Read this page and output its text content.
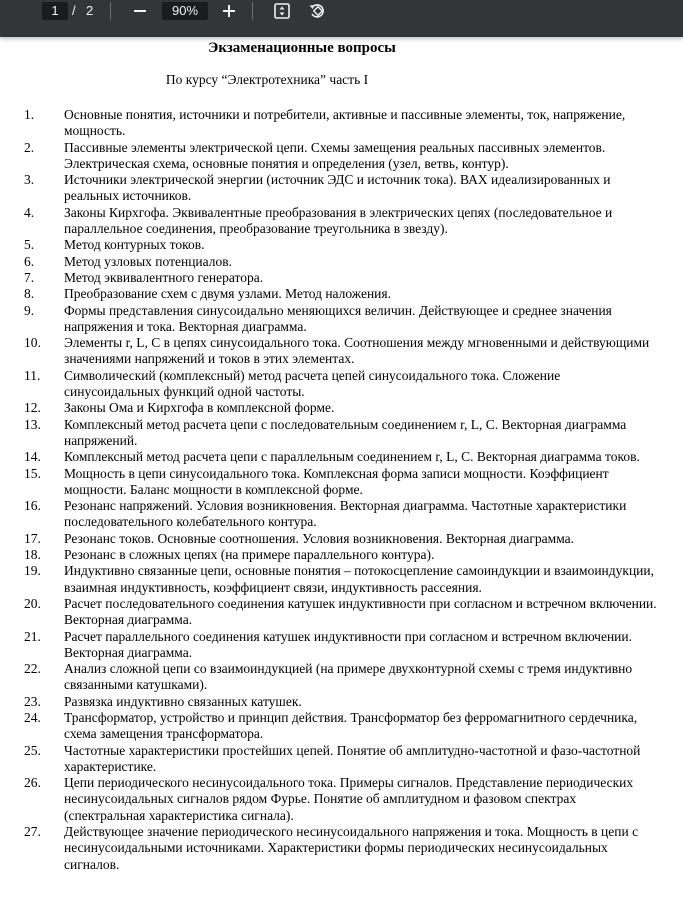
1	/ 2	90%
Экзаменационные вопросы
По курсу “Электротехника” часть I
1.	Основные понятия, источники и потребители, активные и пассивные элементы, ток, напряжение, мощность.
2.	Пассивные элементы электрической цепи. Схемы замещения реальных пассивных элементов. Электрическая схема, основные понятия и определения (узел, ветвь, контур).
3.	Источники электрической энергии (источник ЭДС и источник тока). ВАХ идеализированных и реальных источников.
4.	Законы Кирхгофа. Эквивалентные преобразования в электрических цепях (последовательное и параллельное соединения, преобразование треугольника в звезду).
5.	Метод контурных токов.
6.	Метод узловых потенциалов.
7.	Метод эквивалентного генератора.
8.	Преобразование схем с двумя узлами. Метод наложения.
9.	Формы представления синусоидально меняющихся величин. Действующее и среднее значения напряжения и тока. Векторная диаграмма.
10.	Элементы r, L, C в цепях синусоидального тока. Соотношения между мгновенными и действующими значениями напряжений и токов в этих элементах.
11.	Символический (комплексный) метод расчета цепей синусоидального тока. Сложение синусоидальных функций одной частоты.
12.	Законы Ома и Кирхгофа в комплексной форме.
13.	Комплексный метод расчета цепи с последовательным соединением r, L, C. Векторная диаграмма напряжений.
14.	Комплексный метод расчета цепи с параллельным соединением r, L, C. Векторная диаграмма токов.
15.	Мощность в цепи синусоидального тока. Комплексная форма записи мощности. Коэффициент мощности. Баланс мощности в комплексной форме.
16.	Резонанс напряжений. Условия возникновения. Векторная диаграмма. Частотные характеристики последовательного колебательного контура.
17.	Резонанс токов. Основные соотношения. Условия возникновения. Векторная диаграмма.
18.	Резонанс в сложных цепях (на примере параллельного контура).
19.	Индуктивно связанные цепи, основные понятия – потокосцепление самоиндукции и взаимоиндукции, взаимная индуктивность, коэффициент связи, индуктивность рассеяния.
20.	Расчет последовательного соединения катушек индуктивности при согласном и встречном включении. Векторная диаграмма.
21.	Расчет параллельного соединения катушек индуктивности при согласном и встречном включении. Векторная диаграмма.
22.	Анализ сложной цепи со взаимоиндукцией (на примере двухконтурной схемы с тремя индуктивно связанными катушками).
23.	Развязка индуктивно связанных катушек.
24.	Трансформатор, устройство и принцип действия. Трансформатор без ферромагнитного сердечника, схема замещения трансформатора.
25.	Частотные характеристики простейших цепей. Понятие об амплитудно-частотной и фазо-частотной характеристике.
26.	Цепи периодического несинусоидального тока. Примеры сигналов. Представление периодических несинусоидальных сигналов рядом Фурье. Понятие об амплитудном и фазовом спектрах (спектральная характеристика сигнала).
27.	Действующее значение периодического несинусоидального напряжения и тока. Мощность в цепи с несинусоидальными источниками. Характеристики формы периодических несинусоидальных сигналов.
